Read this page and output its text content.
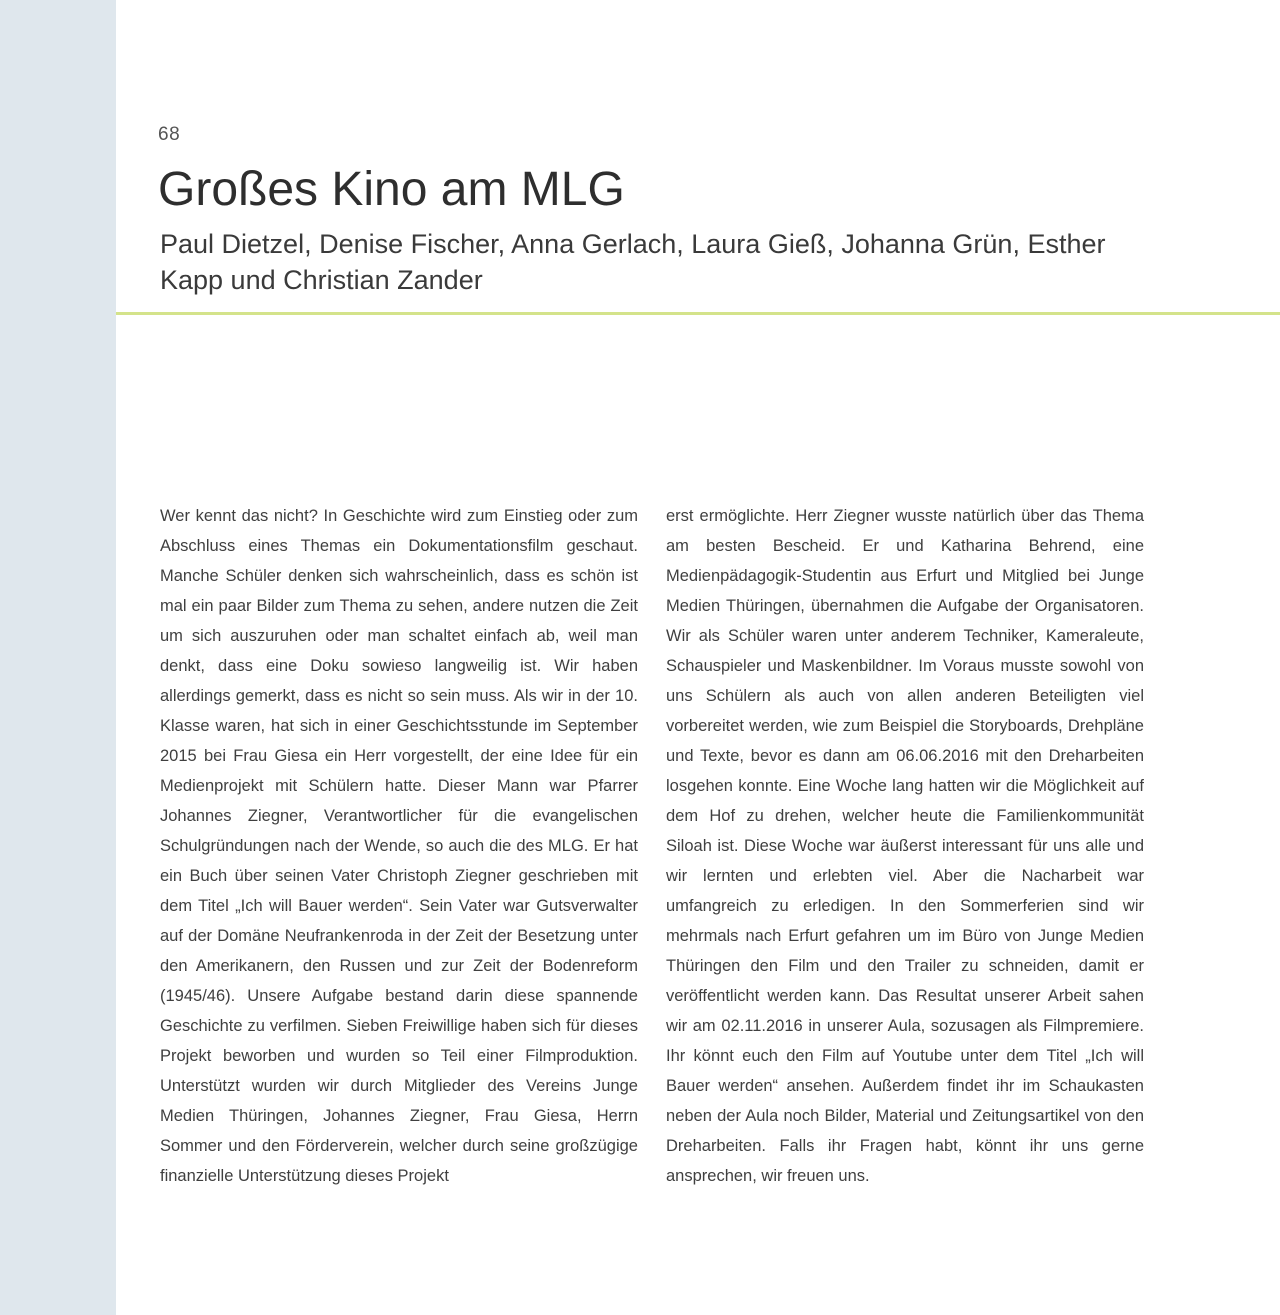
68
Großes Kino am MLG
Paul Dietzel, Denise Fischer, Anna Gerlach, Laura Gieß, Johanna Grün, Esther Kapp und Christian Zander

Wer kennt das nicht? In Geschichte wird zum Einstieg oder zum Abschluss eines Themas ein Dokumentationsfilm geschaut. Manche Schüler denken sich wahrscheinlich, dass es schön ist mal ein paar Bilder zum Thema zu sehen, andere nutzen die Zeit um sich auszuruhen oder man schaltet einfach ab, weil man denkt, dass eine Doku sowieso langweilig ist. Wir haben allerdings gemerkt, dass es nicht so sein muss. Als wir in der 10. Klasse waren, hat sich in einer Geschichtsstunde im September 2015 bei Frau Giesa ein Herr vorgestellt, der eine Idee für ein Medienprojekt mit Schülern hatte. Dieser Mann war Pfarrer Johannes Ziegner, Verantwortlicher für die evangelischen Schulgründungen nach der Wende, so auch die des MLG. Er hat ein Buch über seinen Vater Christoph Ziegner geschrieben mit dem Titel „Ich will Bauer werden“. Sein Vater war Gutsverwalter auf der Domäne Neufrankenroda in der Zeit der Besetzung unter den Amerikanern, den Russen und zur Zeit der Bodenreform (1945/46). Unsere Aufgabe bestand darin diese spannende Geschichte zu verfilmen. Sieben Freiwillige haben sich für dieses Projekt beworben und wurden so Teil einer Filmproduktion. Unterstützt wurden wir durch Mitglieder des Vereins Junge Medien Thüringen, Johannes Ziegner, Frau Giesa, Herrn Sommer und den Förderverein, welcher durch seine großzügige finanzielle Unterstützung dieses Projekt

erst ermöglichte. Herr Ziegner wusste natürlich über das Thema am besten Bescheid. Er und Katharina Behrend, eine Medienpädagogik-Studentin aus Erfurt und Mitglied bei Junge Medien Thüringen, übernahmen die Aufgabe der Organisatoren. Wir als Schüler waren unter anderem Techniker, Kameraleute, Schauspieler und Maskenbildner. Im Voraus musste sowohl von uns Schülern als auch von allen anderen Beteiligten viel vorbereitet werden, wie zum Beispiel die Storyboards, Drehpläne und Texte, bevor es dann am 06.06.2016 mit den Dreharbeiten losgehen konnte. Eine Woche lang hatten wir die Möglichkeit auf dem Hof zu drehen, welcher heute die Familienkommunität Siloah ist. Diese Woche war äußerst interessant für uns alle und wir lernten und erlebten viel. Aber die Nacharbeit war umfangreich zu erledigen. In den Sommerferien sind wir mehrmals nach Erfurt gefahren um im Büro von Junge Medien Thüringen den Film und den Trailer zu schneiden, damit er veröffentlicht werden kann. Das Resultat unserer Arbeit sahen wir am 02.11.2016 in unserer Aula, sozusagen als Filmpremiere. Ihr könnt euch den Film auf Youtube unter dem Titel „Ich will Bauer werden“ ansehen. Außerdem findet ihr im Schaukasten neben der Aula noch Bilder, Material und Zeitungsartikel von den Dreharbeiten. Falls ihr Fragen habt, könnt ihr uns gerne ansprechen, wir freuen uns.
